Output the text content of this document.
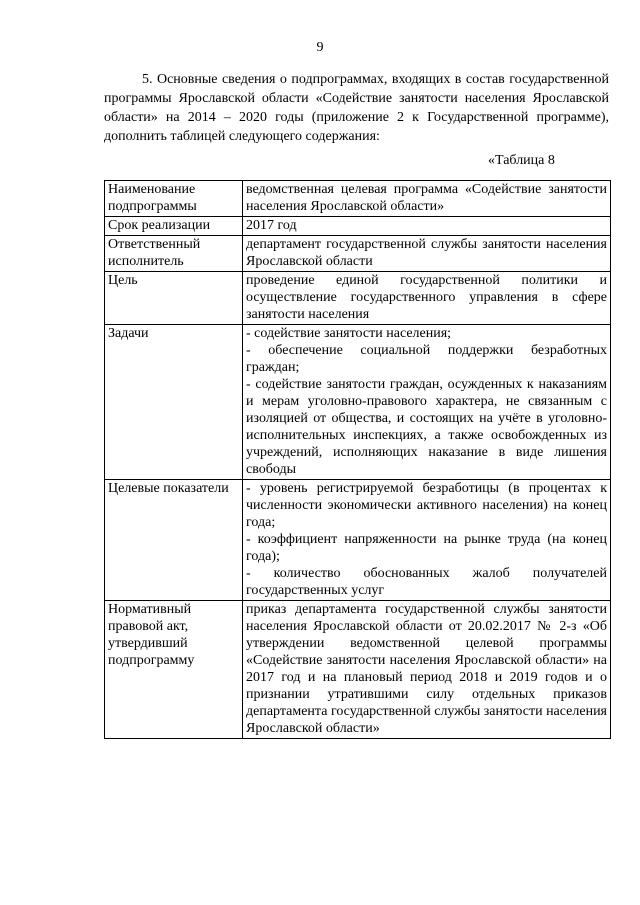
9

5. Основные сведения о подпрограммах, входящих в состав государственной программы Ярославской области «Содействие занятости населения Ярославской области» на 2014 – 2020 годы (приложение 2 к Государственной программе), дополнить таблицей следующего содержания:

«Таблица 8
Наименование подпрограммы	ведомственная целевая программа «Содействие занятости населения Ярославской области»

Срок реализации	2017 год

Ответственный исполнитель	департамент государственной службы занятости населения Ярославской области

Цель	проведение единой государственной политики и осуществление государственного управления в сфере занятости населения

Задачи	- содействие занятости населения;
- обеспечение социальной поддержки безработных граждан;
- содействие занятости граждан, осужденных к наказаниям и мерам уголовно-правового характера, не связанным с изоляцией от общества, и состоящих на учёте в уголовно-исполнительных инспекциях, а также освобожденных из учреждений, исполняющих наказание в виде лишения свободы

Целевые показатели	- уровень регистрируемой безработицы (в процентах к численности экономически активного населения) на конец года;
- коэффициент напряженности на рынке труда (на конец года);
- количество обоснованных жалоб получателей государственных услуг

Нормативный правовой акт, утвердивший подпрограмму	приказ департамента государственной службы занятости населения Ярославской области от 20.02.2017 № 2-з «Об утверждении ведомственной целевой программы «Содействие занятости населения Ярославской области» на 2017 год и на плановый период 2018 и 2019 годов и о признании утратившими силу отдельных приказов департамента государственной службы занятости населения Ярославской области»
